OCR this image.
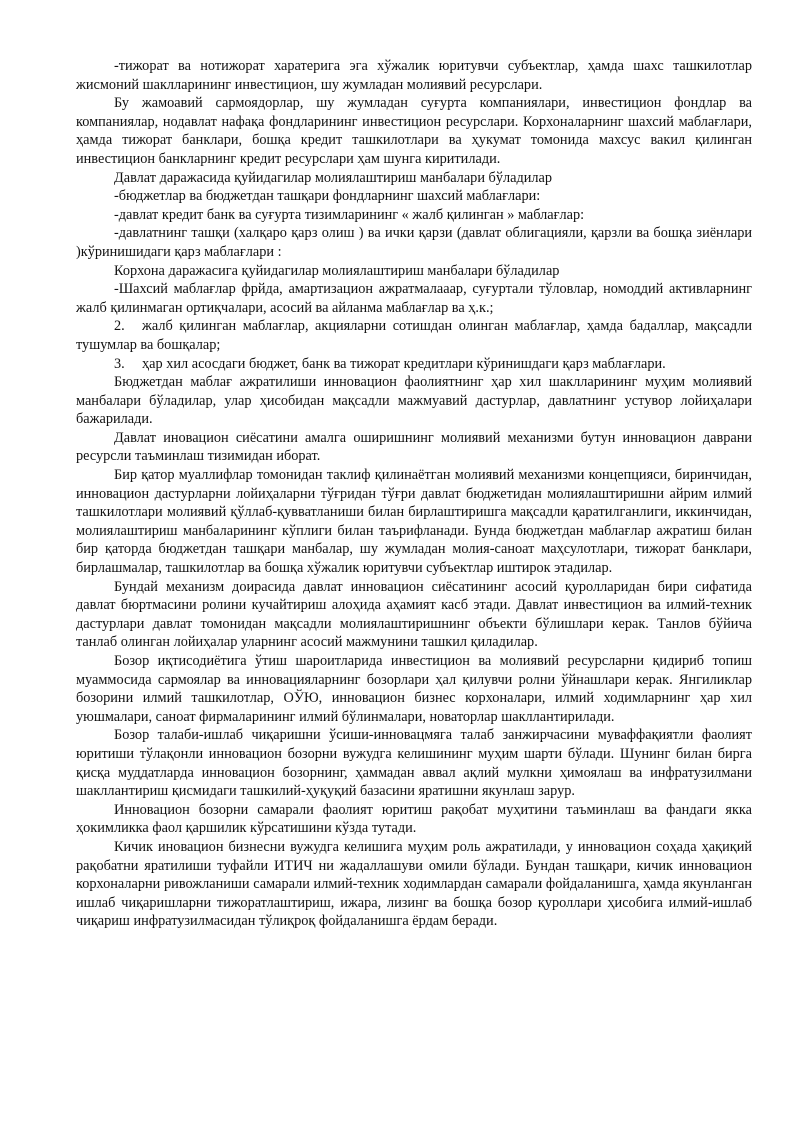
-тижорат ва нотижорат харатерига эга хўжалик юритувчи субъектлар, ҳамда шахс ташкилотлар жисмоний шаклларининг инвестицион, шу жумладан молиявий ресурслари.

Бу жамоавий сармоядорлар, шу жумладан суғурта компаниялари, инвестицион фондлар ва компаниялар, нодавлат нафақа фондларининг инвестицион ресурслари. Корхоналарнинг шахсий маблағлари, ҳамда тижорат банклари, бошқа кредит ташкилотлари ва ҳукумат томонида махсус вакил қилинган инвестицион банкларнинг кредит ресурслари ҳам шунга киритилади.

Давлат даражасида қуйидагилар молиялаштириш манбалари бўладилар

-бюджетлар ва бюджетдан ташқари фондларнинг шахсий маблағлари:

-давлат кредит банк ва суғурта тизимларининг « жалб қилинган » маблағлар:

-давлатнинг ташқи (халқаро қарз олиш ) ва ички қарзи (давлат облигацияли, қарзли ва бошқа зиёнлари )кўринишидаги қарз маблағлари :

Корхона даражасига қуйидагилар молиялаштириш манбалари бўладилар

-Шахсий маблағлар фрйда, амартизацион ажратмалааар, суғуртали тўловлар, номоддий активларнинг жалб қилинмаган ортиқчалари, асосий ва айланма маблағлар ва ҳ.к.;

2. жалб қилинган маблағлар, акцияларни сотишдан олинган маблағлар, ҳамда бадаллар, мақсадли тушумлар ва бошқалар;

3. ҳар хил асосдаги бюджет, банк ва тижорат кредитлари кўринишдаги қарз маблағлари.

Бюджетдан маблағ ажратилиши инновацион фаолиятнинг ҳар хил шаклларининг муҳим молиявий манбалари бўладилар, улар ҳисобидан мақсадли мажмуавий дастурлар, давлатнинг устувор лойиҳалари бажарилади.

Давлат иновацион сиёсатини амалга оширишнинг молиявий механизми бутун инновацион даврани ресурсли таъминлаш тизимидан иборат.

Бир қатор муаллифлар томонидан таклиф қилинаётган молиявий механизми концепцияси, биринчидан, инновацион дастурларни лойиҳаларни тўғридан тўғри давлат бюджетидан молиялаштиришни айрим илмий ташкилотлари молиявий қўллаб-қувватланиши билан бирлаштиришга мақсадли қаратилганлиги, иккинчидан, молиялаштириш манбаларининг кўплиги билан таърифланади. Бунда бюджетдан маблағлар ажратиш билан бир қаторда бюджетдан ташқари манбалар, шу жумладан молия-саноат маҳсулотлари, тижорат банклари, бирлашмалар, ташкилотлар ва бошқа хўжалик юритувчи субъектлар иштирок этадилар.

Бундай механизм доирасида давлат инновацион сиёсатининг асосий қуролларидан бири сифатида давлат бюртмасини ролини кучайтириш алоҳида аҳамият касб этади. Давлат инвестицион ва илмий-техник дастурлари давлат томонидан мақсадли молиялаштиришнинг объекти бўлишлари керак. Танлов бўйича танлаб олинган лойиҳалар уларнинг асосий мажмунини ташкил қиладилар.

Бозор иқтисодиётига ўтиш шароитларида инвестицион ва молиявий ресурсларни қидириб топиш муаммосида сармоялар ва инновацияларнинг бозорлари ҳал қилувчи ролни ўйнашлари керак. Янгиликлар бозорини илмий ташкилотлар, ОЎЮ, инновацион бизнес корхоналари, илмий ходимларнинг ҳар хил уюшмалари, саноат фирмаларининг илмий бўлинмалари, новаторлар шакллантирилади.

Бозор талаби-ишлаб чиқаришни ўсиши-инновацмяга талаб занжирчасини муваффақиятли фаолият юритиши тўлақонли инновацион бозорни вужудга келишининг муҳим шарти бўлади. Шунинг билан бирга қисқа муддатларда инновацион бозорнинг, ҳаммадан аввал ақлий мулкни ҳимоялаш ва инфратузилмани шакллантириш қисмидаги ташкилий-ҳуқуқий базасини яратишни якунлаш зарур.

Инновацион бозорни самарали фаолият юритиш рақобат муҳитини таъминлаш ва фандаги якка ҳокимликка фаол қаршилик кўрсатишини кўзда тутади.

Кичик иновацион бизнесни вужудга келишига муҳим роль ажратилади, у инновацион соҳада ҳақиқий рақобатни яратилиши туфайли ИТИЧ ни жадаллашуви омили бўлади. Бундан ташқари, кичик инновацион корхоналарни ривожланиши самарали илмий-техник ходимлардан самарали фойдаланишга, ҳамда якунланган ишлаб чиқаришларни тижоратлаштириш, ижара, лизинг ва бошқа бозор қуроллари ҳисобига илмий-ишлаб чиқариш инфратузилмасидан тўлиқроқ фойдаланишга ёрдам беради.
